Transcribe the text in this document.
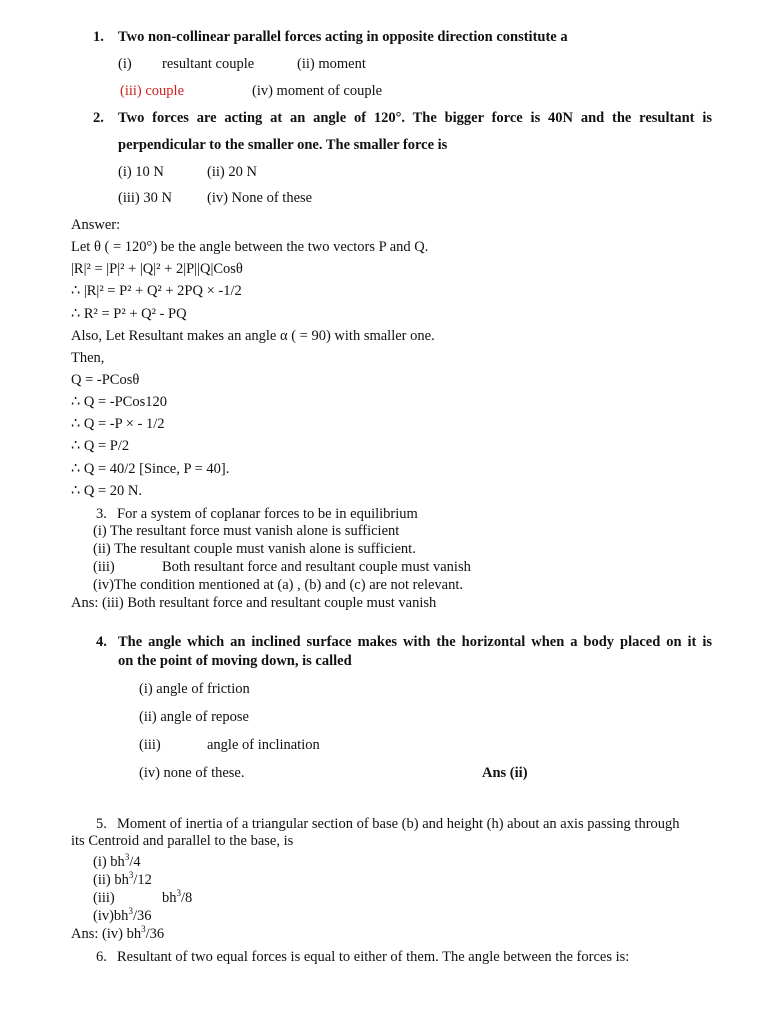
1. Two non-collinear parallel forces acting in opposite direction constitute a
(i) resultant couple	(ii) moment
(iii) couple	(iv) moment of couple
2. Two forces are acting at an angle of 120°. The bigger force is 40N and the resultant is
perpendicular to the smaller one. The smaller force is
(i) 10 N	(ii) 20 N
(iii) 30 N (iv) None of these
Answer:
Let θ ( = 120°) be the angle between the two vectors P and Q.
|R|² = |P|² + |Q|² + 2|P||Q|Cosθ
∴ |R|² = P² + Q² + 2PQ × -1/2
∴ R² = P² + Q² - PQ
Also, Let Resultant makes an angle α ( = 90) with smaller one.
Then,
Q = -PCosθ
∴ Q = -PCos120
∴ Q = -P × - 1/2
∴ Q = P/2
∴ Q = 40/2 [Since, P = 40].
∴ Q = 20 N.
3. For a system of coplanar forces to be in equilibrium
(i) The resultant force must vanish alone is sufficient
(ii) The resultant couple must vanish alone is sufficient.
(iii)	Both resultant force and resultant couple must vanish
(iv)The condition mentioned at (a) , (b) and (c) are not relevant.
Ans: (iii) Both resultant force and resultant couple must vanish
4. The angle which an inclined surface makes with the horizontal when a body placed on it is
on the point of moving down, is called
(i) angle of friction
(ii) angle of repose
(iii)	angle of inclination
(iv) none of these.	Ans (ii)
5. Moment of inertia of a triangular section of base (b) and height (h) about an axis passing through
its Centroid and parallel to the base, is
(i) $bh^3/4$
(ii) $bh^3/12$
(iii)	$bh^3/8$
$(iv)bh^3/36$
Ans: (iv) $bh^3/36$
6. Resultant of two equal forces is equal to either of them. The angle between the forces is:
